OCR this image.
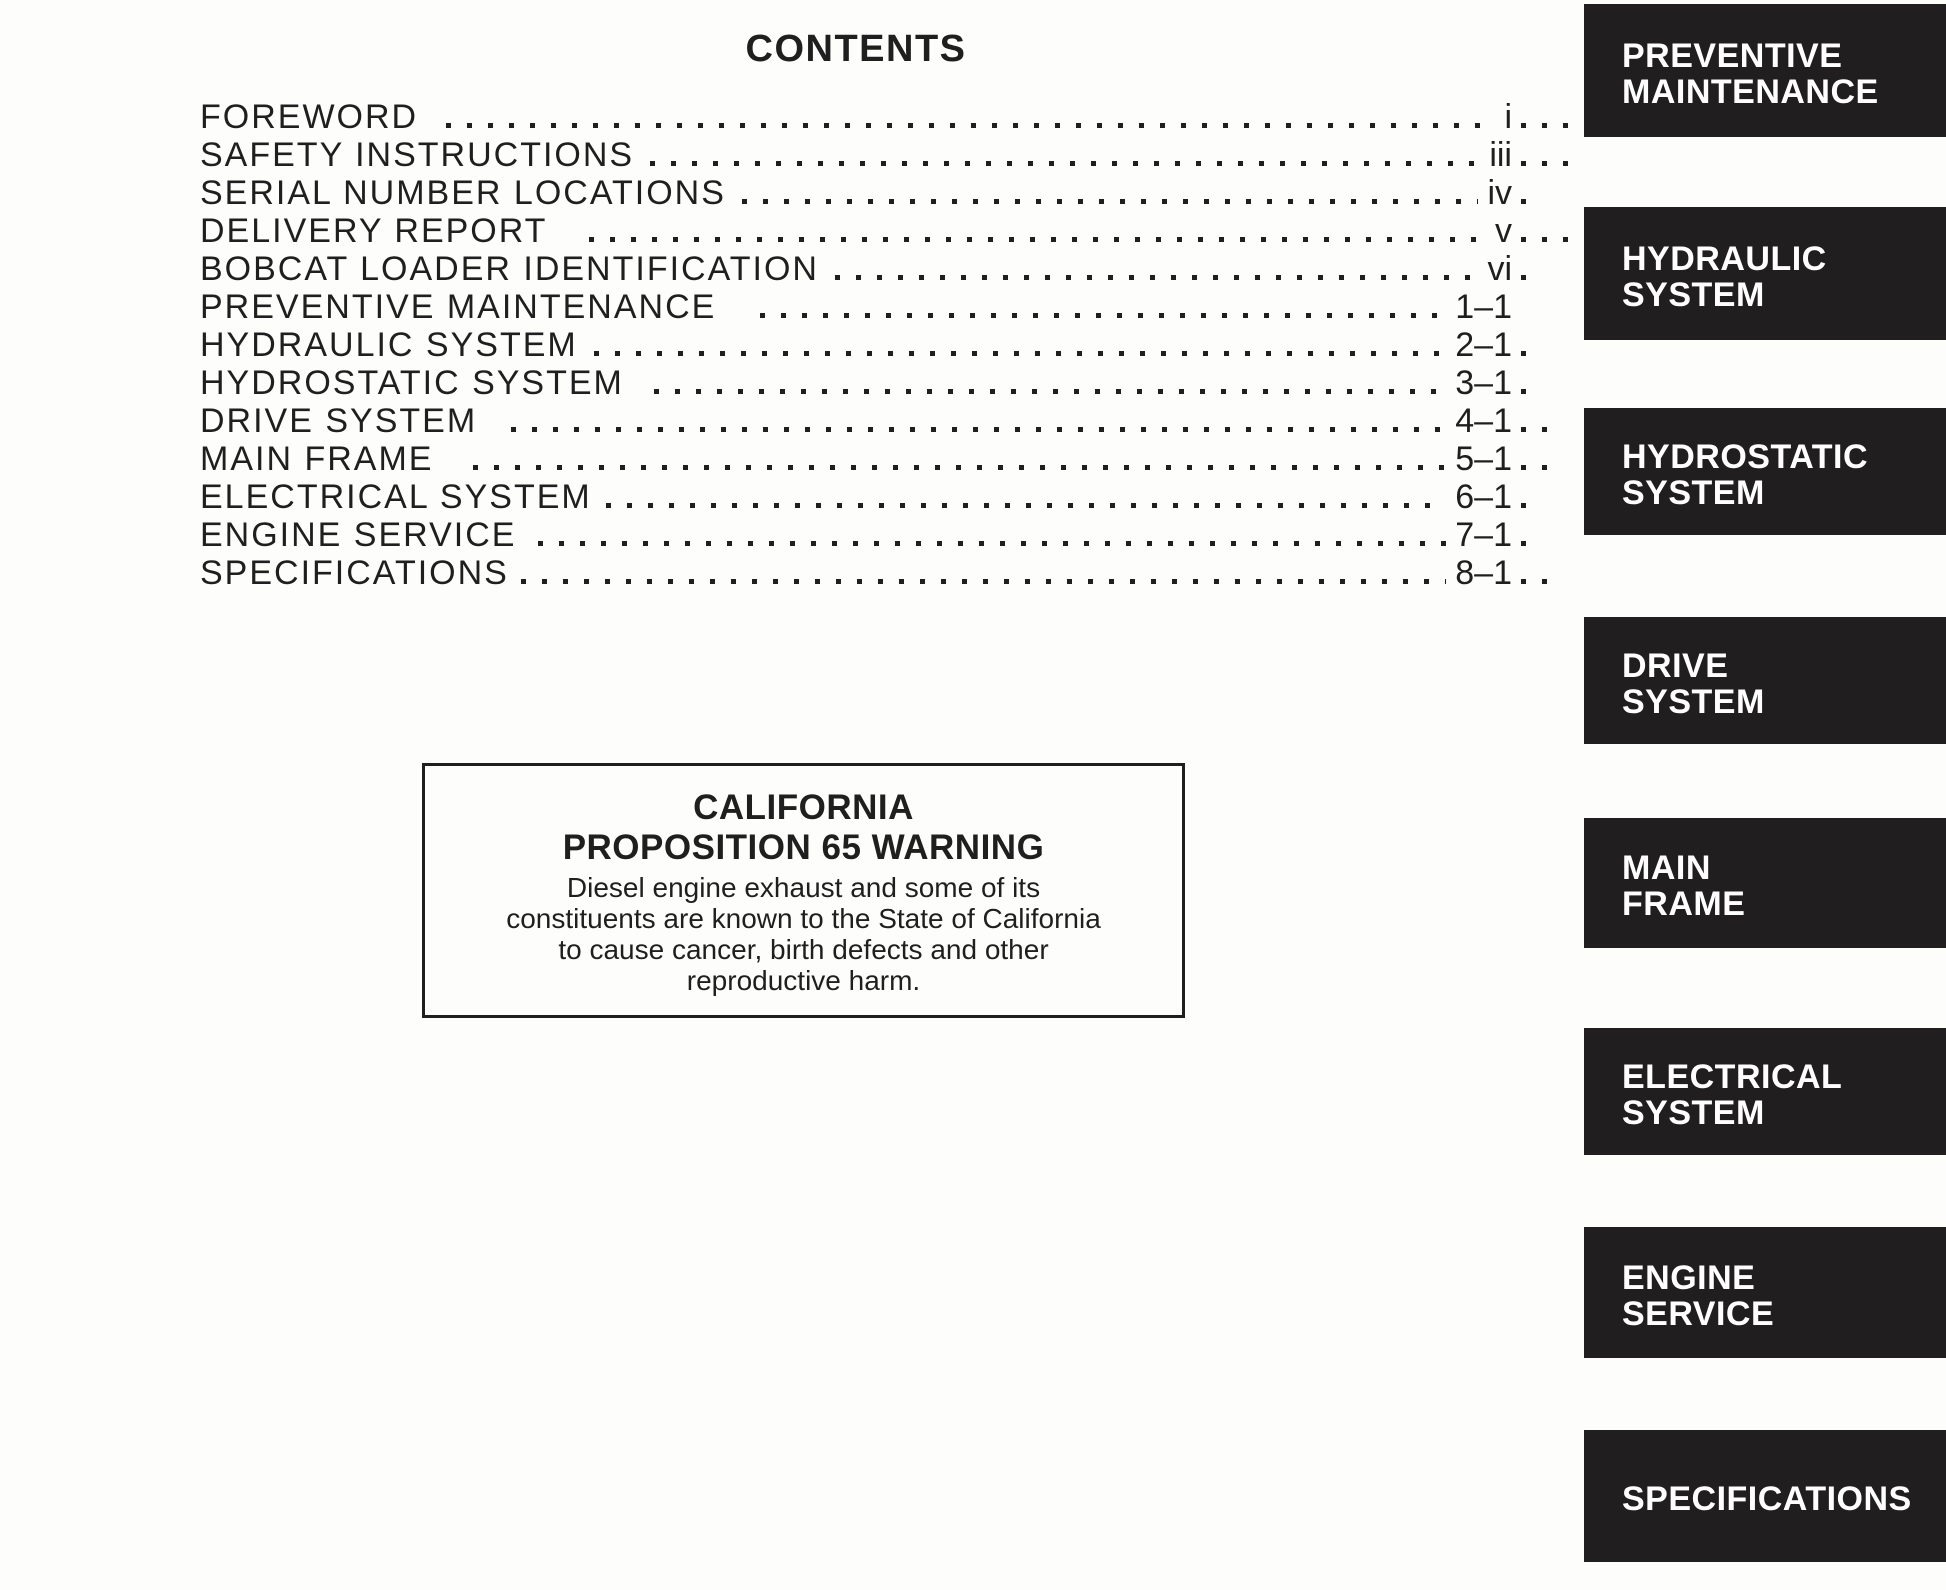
CONTENTS
FOREWORD	i
SAFETY INSTRUCTIONS	iii
SERIAL NUMBER LOCATIONS	iv
DELIVERY REPORT	v
BOBCAT LOADER IDENTIFICATION	vi
PREVENTIVE MAINTENANCE	1–1
HYDRAULIC SYSTEM	2–1
HYDROSTATIC SYSTEM	3–1
DRIVE SYSTEM	4–1
MAIN FRAME	5–1
ELECTRICAL SYSTEM	6–1
ENGINE SERVICE	7–1
SPECIFICATIONS	8–1
CALIFORNIA
PROPOSITION 65 WARNING
Diesel engine exhaust and some of its
constituents are known to the State of California
to cause cancer, birth defects and other
reproductive harm.
PREVENTIVE
MAINTENANCE
HYDRAULIC
SYSTEM
HYDROSTATIC
SYSTEM
DRIVE
SYSTEM
MAIN
FRAME
ELECTRICAL
SYSTEM
ENGINE
SERVICE
SPECIFICATIONS
